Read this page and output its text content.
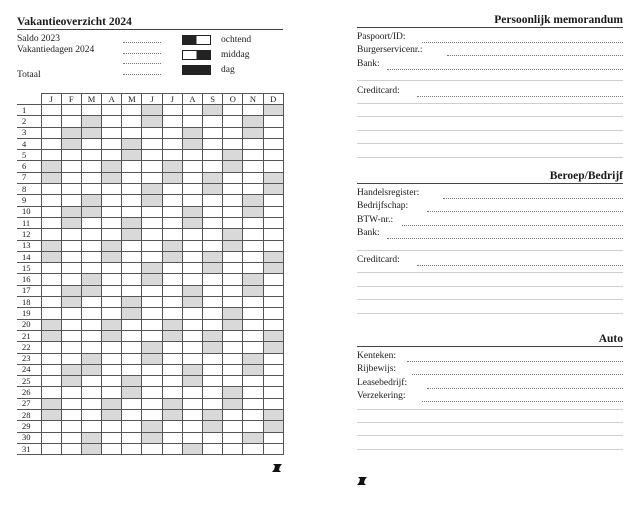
Vakantieoverzicht 2024
Saldo 2023
Vakantiedagen 2024
Totaal
ochtend
middag
dag
	J	F	M	A	M	J	J	A	S	O	N	D
1												
2												
3												
4												
5												
6												
7												
8												
9												
10												
11												
12												
13												
14												
15												
16												
17												
18												
19												
20												
21												
22												
23												
24												
25												
26												
27												
28												
29												
30												
31												
Persoonlijk memorandum
Paspoort/ID:
Burgerservicenr.:
Bank:
Creditcard:
Beroep/Bedrijf
Handelsregister:
Bedrijfschap:
BTW-nr.:
Bank:
Creditcard:
Auto
Kenteken:
Rijbewijs:
Leasebedrijf:
Verzekering:
